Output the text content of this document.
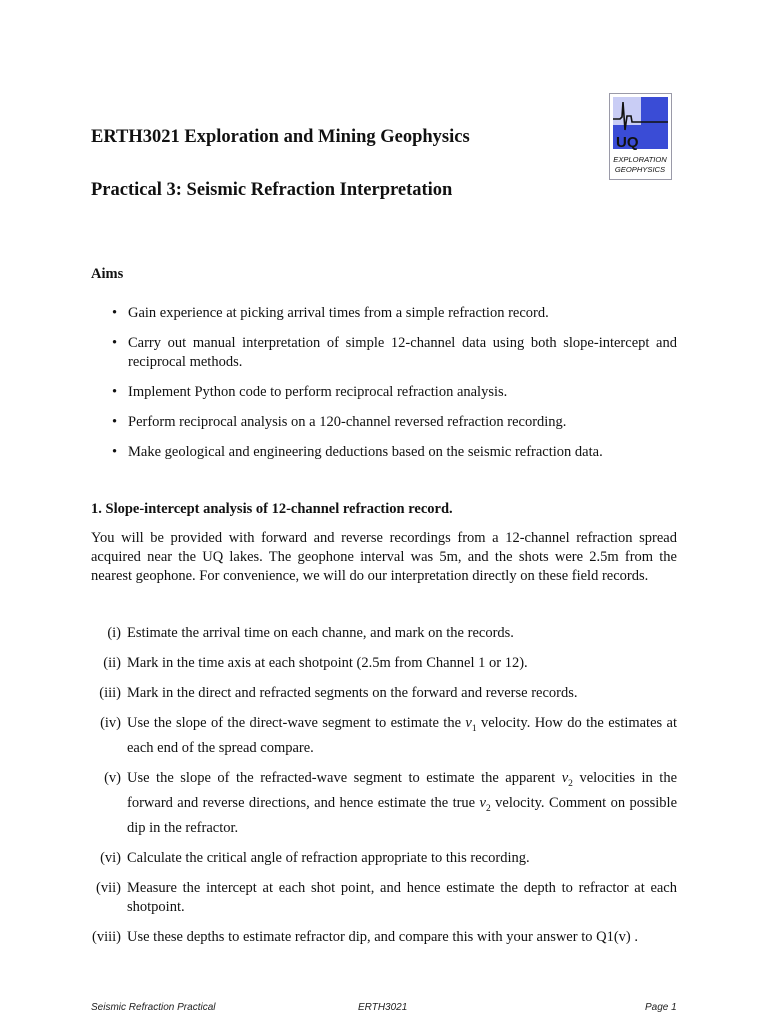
UQ
EXPLORATION
GEOPHYSICS
ERTH3021 Exploration and Mining Geophysics
Practical 3: Seismic Refraction Interpretation
Aims
• Gain experience at picking arrival times from a simple refraction record.
• Carry out manual interpretation of simple 12-channel data using both slope-intercept and reciprocal methods.
• Implement Python code to perform reciprocal refraction analysis.
• Perform reciprocal analysis on a 120-channel reversed refraction recording.
• Make geological and engineering deductions based on the seismic refraction data.
1. Slope-intercept analysis of 12-channel refraction record.

You will be provided with forward and reverse recordings from a 12-channel refraction spread acquired near the UQ lakes. The geophone interval was 5m, and the shots were 2.5m from the nearest geophone. For convenience, we will do our interpretation directly on these field records.

(i) Estimate the arrival time on each channe, and mark on the records.
(ii) Mark in the time axis at each shotpoint (2.5m from Channel 1 or 12).
(iii) Mark in the direct and refracted segments on the forward and reverse records.
(iv) Use the slope of the direct-wave segment to estimate the $v_1$ velocity. How do the estimates at each end of the spread compare.
(v) Use the slope of the refracted-wave segment to estimate the apparent $v_2$ velocities in the forward and reverse directions, and hence estimate the true $v_2$ velocity. Comment on possible dip in the refractor.
(vi) Calculate the critical angle of refraction appropriate to this recording.
(vii) Measure the intercept at each shot point, and hence estimate the depth to refractor at each shotpoint.
(viii) Use these depths to estimate refractor dip, and compare this with your answer to Q1(v) .
Seismic Refraction Practical	ERTH3021	Page 1
